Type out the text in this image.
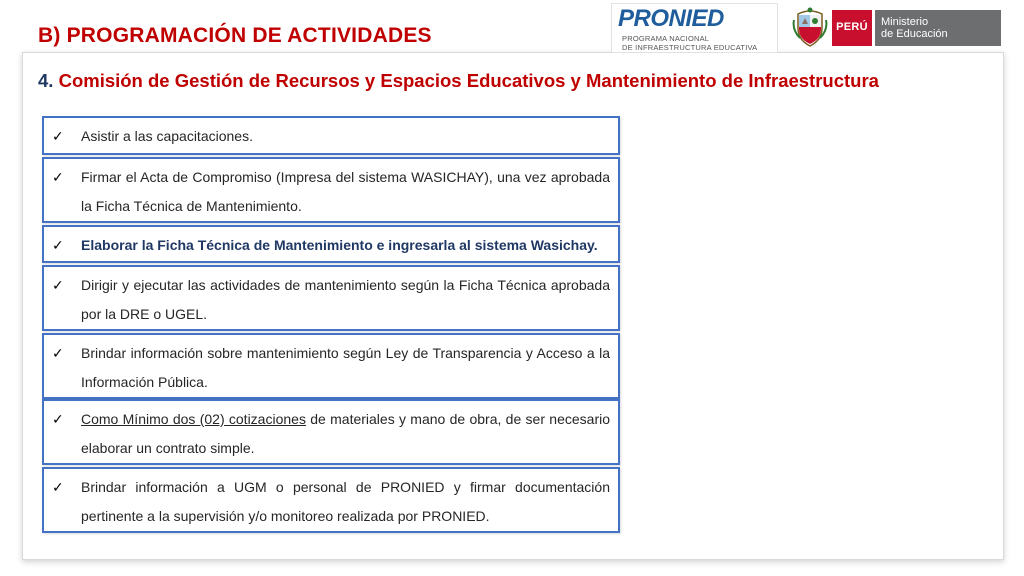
B) PROGRAMACIÓN DE ACTIVIDADES
4. Comisión de Gestión de Recursos y Espacios Educativos y Mantenimiento de Infraestructura
PRONIED
PROGRAMA NACIONAL
DE INFRAESTRUCTURA EDUCATIVA
PERÚ	Ministerio
de Educación
✓ Asistir a las capacitaciones.
✓ Firmar el Acta de Compromiso (Impresa del sistema WASICHAY), una vez aprobada la Ficha Técnica de Mantenimiento.
✓ Elaborar la Ficha Técnica de Mantenimiento e ingresarla al sistema Wasichay.
✓ Dirigir y ejecutar las actividades de mantenimiento según la Ficha Técnica aprobada por la DRE o UGEL.
✓ Brindar información sobre mantenimiento según Ley de Transparencia y Acceso a la Información Pública.
✓ Como Mínimo dos (02) cotizaciones de materiales y mano de obra, de ser necesario elaborar un contrato simple.
✓ Brindar información a UGM o personal de PRONIED y firmar documentación pertinente a la supervisión y/o monitoreo realizada por PRONIED.
